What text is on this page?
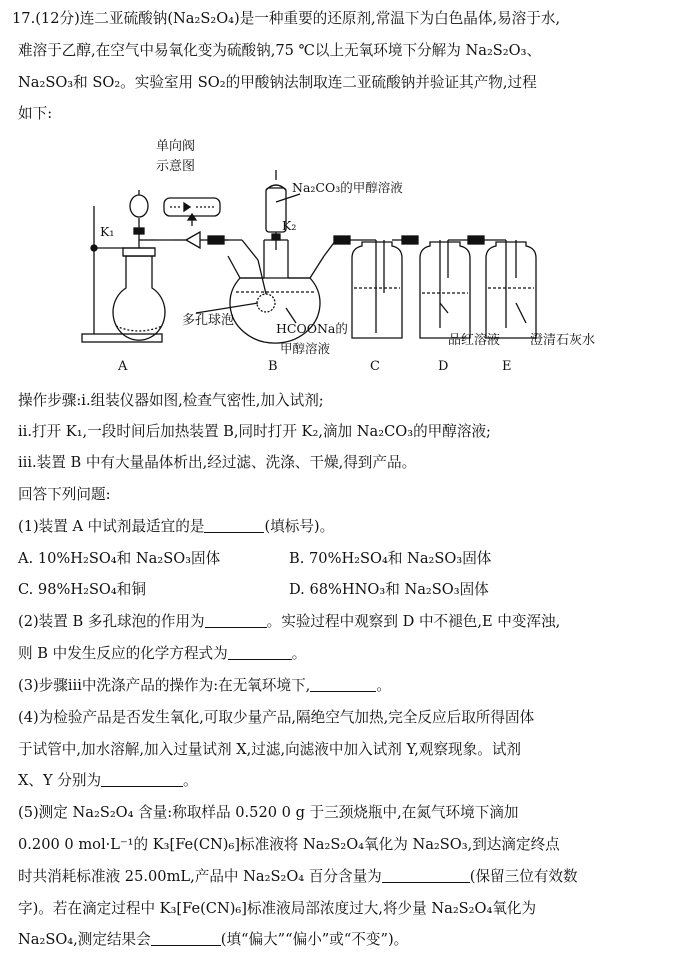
17.(12分)连二亚硫酸钠(Na₂S₂O₄)是一种重要的还原剂,常温下为白色晶体,易溶于水,
难溶于乙醇,在空气中易氧化变为硫酸钠,75 ℃以上无氧环境下分解为 Na₂S₂O₃、
Na₂SO₃和 SO₂。实验室用 SO₂的甲酸钠法制取连二亚硫酸钠并验证其产物,过程
如下:
单向阀
示意图
Na₂CO₃的甲醇溶液
K₁	K₂
多孔球泡
HCOONa的
甲醇溶液
品红溶液 澄清石灰水
A	B	C	D	E
操作步骤:ⅰ.组装仪器如图,检查气密性,加入试剂;
ⅱ.打开 K₁,一段时间后加热装置 B,同时打开 K₂,滴加 Na₂CO₃的甲醇溶液;
ⅲ.装置 B 中有大量晶体析出,经过滤、洗涤、干燥,得到产品。
回答下列问题:
(1)装置 A 中试剂最适宜的是	(填标号)。
A. 10%H₂SO₄和 Na₂SO₃固体	B. 70%H₂SO₄和 Na₂SO₃固体
C. 98%H₂SO₄和铜	D. 68%HNO₃和 Na₂SO₃固体
(2)装置 B 多孔球泡的作用为	。实验过程中观察到 D 中不褪色,E 中变浑浊,
则 B 中发生反应的化学方程式为	。
(3)步骤ⅲ中洗涤产品的操作为:在无氧环境下,	。
(4)为检验产品是否发生氧化,可取少量产品,隔绝空气加热,完全反应后取所得固体
于试管中,加水溶解,加入过量试剂 X,过滤,向滤液中加入试剂 Y,观察现象。试剂
X、Y 分别为	。
(5)测定 Na₂S₂O₄ 含量:称取样品 0.520 0 g 于三颈烧瓶中,在氮气环境下滴加
0.200 0 mol·L⁻¹的 K₃[Fe(CN)₆]标准液将 Na₂S₂O₄氧化为 Na₂SO₃,到达滴定终点
时共消耗标准液 25.00mL,产品中 Na₂S₂O₄ 百分含量为	(保留三位有效数
字)。若在滴定过程中 K₃[Fe(CN)₆]标准液局部浓度过大,将少量 Na₂S₂O₄氧化为
Na₂SO₄,测定结果会	(填“偏大”“偏小”或“不变”)。
